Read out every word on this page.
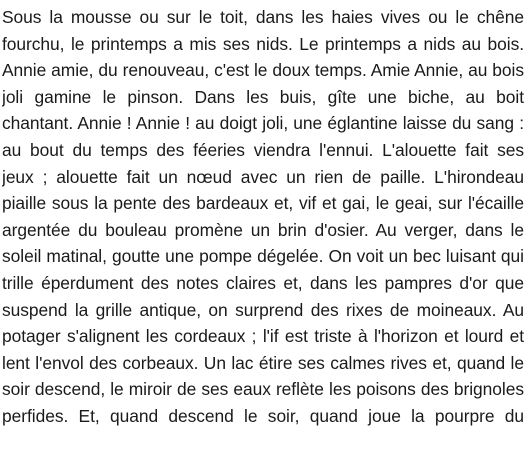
Sous la mousse ou sur le toit, dans les haies vives ou le chêne
fourchu, le printemps a mis ses nids. Le printemps a nids au bois.
Annie amie, du renouveau, c'est le doux temps. Amie Annie, au bois
joli gamine le pinson. Dans les buis, gîte une biche, au boit
chantant. Annie ! Annie ! au doigt joli, une églantine laisse du sang :
au bout du temps des féeries viendra l'ennui. L'alouette fait ses
jeux ; alouette fait un nœud avec un rien de paille. L'hirondeau
piaille sous la pente des bardeaux et, vif et gai, le geai, sur l'écaille
argentée du bouleau promène un brin d'osier. Au verger, dans le
soleil matinal, goutte une pompe dégelée. On voit un bec luisant qui
trille éperdument des notes claires et, dans les pampres d'or que
suspend la grille antique, on surprend des rixes de moineaux. Au
potager s'alignent les cordeaux ; l'if est triste à l'horizon et lourd et
lent l'envol des corbeaux. Un lac étire ses calmes rives et, quand le
soir descend, le miroir de ses eaux reflète les poisons des brignoles
perfides. Et, quand descend le soir, quand joue la pourpre du
